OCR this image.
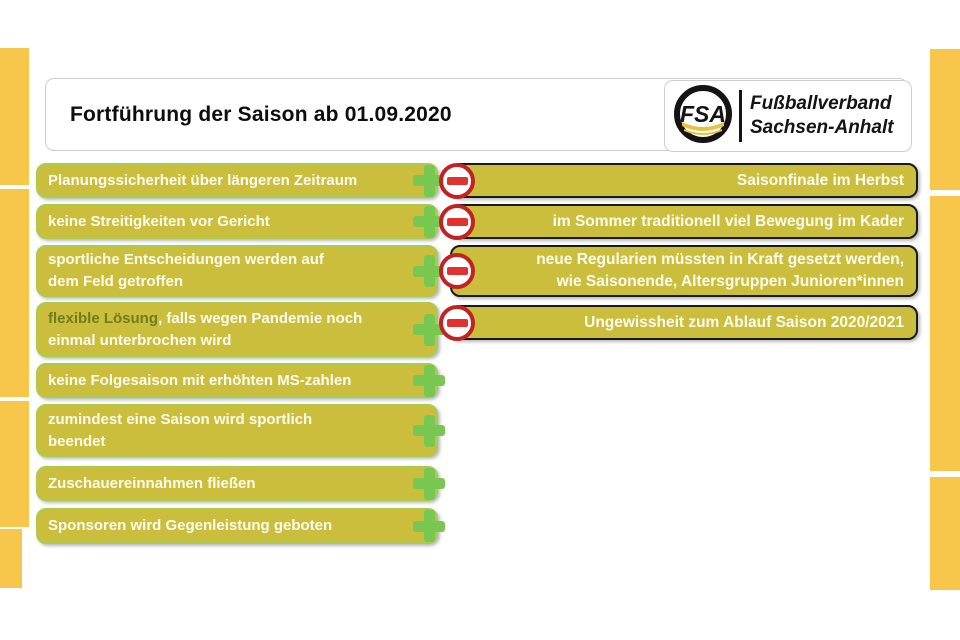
Fortführung der Saison ab 01.09.2020	FSA Fußballverband
Sachsen-Anhalt
Planungssicherheit über längeren Zeitraum
keine Streitigkeiten vor Gericht
sportliche Entscheidungen werden auf
dem Feld getroffen
flexible Lösung, falls wegen Pandemie noch
einmal unterbrochen wird
keine Folgesaison mit erhöhten MS-zahlen
zumindest eine Saison wird sportlich
beendet
Zuschauereinnahmen fließen
Sponsoren wird Gegenleistung geboten
Saisonfinale im Herbst
im Sommer traditionell viel Bewegung im Kader
neue Regularien müssten in Kraft gesetzt werden,
wie Saisonende, Altersgruppen Junioren*innen
Ungewissheit zum Ablauf Saison 2020/2021
